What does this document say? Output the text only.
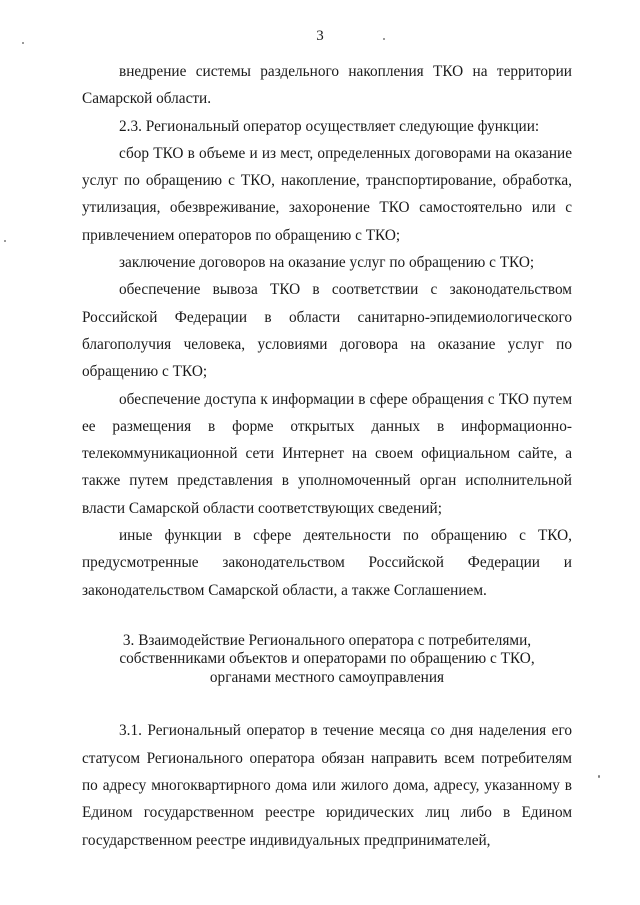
3

внедрение системы раздельного накопления ТКО на территории Самарской области.

2.3. Региональный оператор осуществляет следующие функции:

сбор ТКО в объеме и из мест, определенных договорами на оказание услуг по обращению с ТКО, накопление, транспортирование, обработка, утилизация, обезвреживание, захоронение ТКО самостоятельно или с привлечением операторов по обращению с ТКО;

заключение договоров на оказание услуг по обращению с ТКО;

обеспечение вывоза ТКО в соответствии с законодательством Российской Федерации в области санитарно-эпидемиологического благополучия человека, условиями договора на оказание услуг по обращению с ТКО;

обеспечение доступа к информации в сфере обращения с ТКО путем ее размещения в форме открытых данных в информационно-телекоммуникационной сети Интернет на своем официальном сайте, а также путем представления в уполномоченный орган исполнительной власти Самарской области соответствующих сведений;

иные функции в сфере деятельности по обращению с ТКО, предусмотренные законодательством Российской Федерации и законодательством Самарской области, а также Соглашением.

3. Взаимодействие Регионального оператора с потребителями,
собственниками объектов и операторами по обращению с ТКО,
органами местного самоуправления

3.1. Региональный оператор в течение месяца со дня наделения его статусом Регионального оператора обязан направить всем потребителям по адресу многоквартирного дома или жилого дома, адресу, указанному в Едином государственном реестре юридических лиц либо в Едином государственном реестре индивидуальных предпринимателей,
